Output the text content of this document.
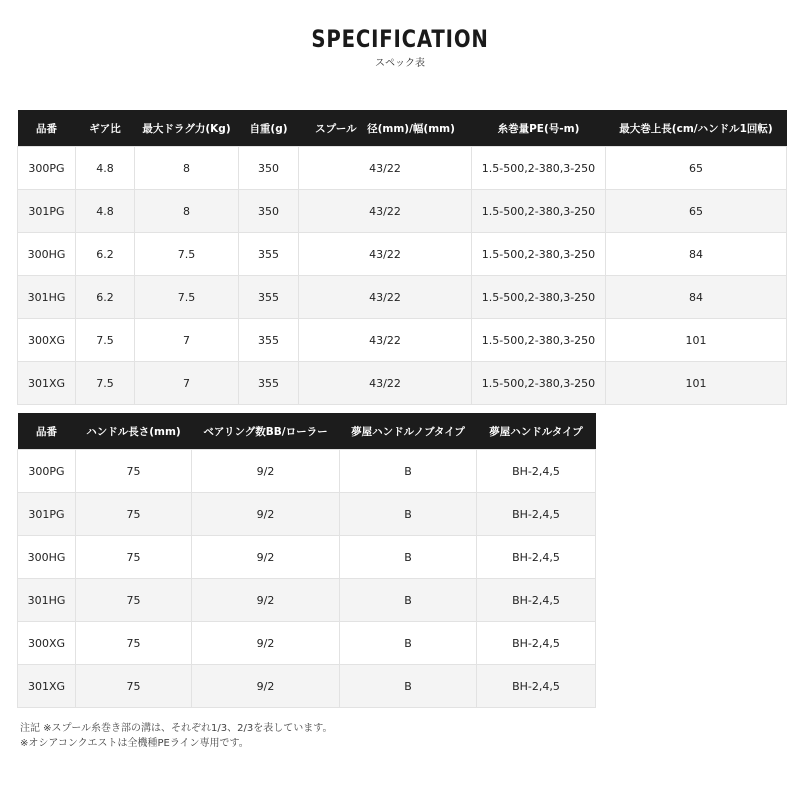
SPECIFICATION
スペック表
品番	ギア比	最大ドラグ力(Kg)	自重(g)	スプール　径(mm)/幅(mm)	糸巻量PE(号-m)	最大巻上長(cm/ハンドル1回転)
300PG	4.8	8	350	43/22	1.5-500,2-380,3-250	65
301PG	4.8	8	350	43/22	1.5-500,2-380,3-250	65
300HG	6.2	7.5	355	43/22	1.5-500,2-380,3-250	84
301HG	6.2	7.5	355	43/22	1.5-500,2-380,3-250	84
300XG	7.5	7	355	43/22	1.5-500,2-380,3-250	101
301XG	7.5	7	355	43/22	1.5-500,2-380,3-250	101
品番	ハンドル長さ(mm)	ベアリング数BB/ローラー	夢屋ハンドルノブタイプ	夢屋ハンドルタイプ
300PG	75	9/2	B	BH-2,4,5
301PG	75	9/2	B	BH-2,4,5
300HG	75	9/2	B	BH-2,4,5
301HG	75	9/2	B	BH-2,4,5
300XG	75	9/2	B	BH-2,4,5
301XG	75	9/2	B	BH-2,4,5
注記 ※スプール糸巻き部の溝は、それぞれ1/3、2/3を表しています。
※オシアコンクエストは全機種PEライン専用です。
